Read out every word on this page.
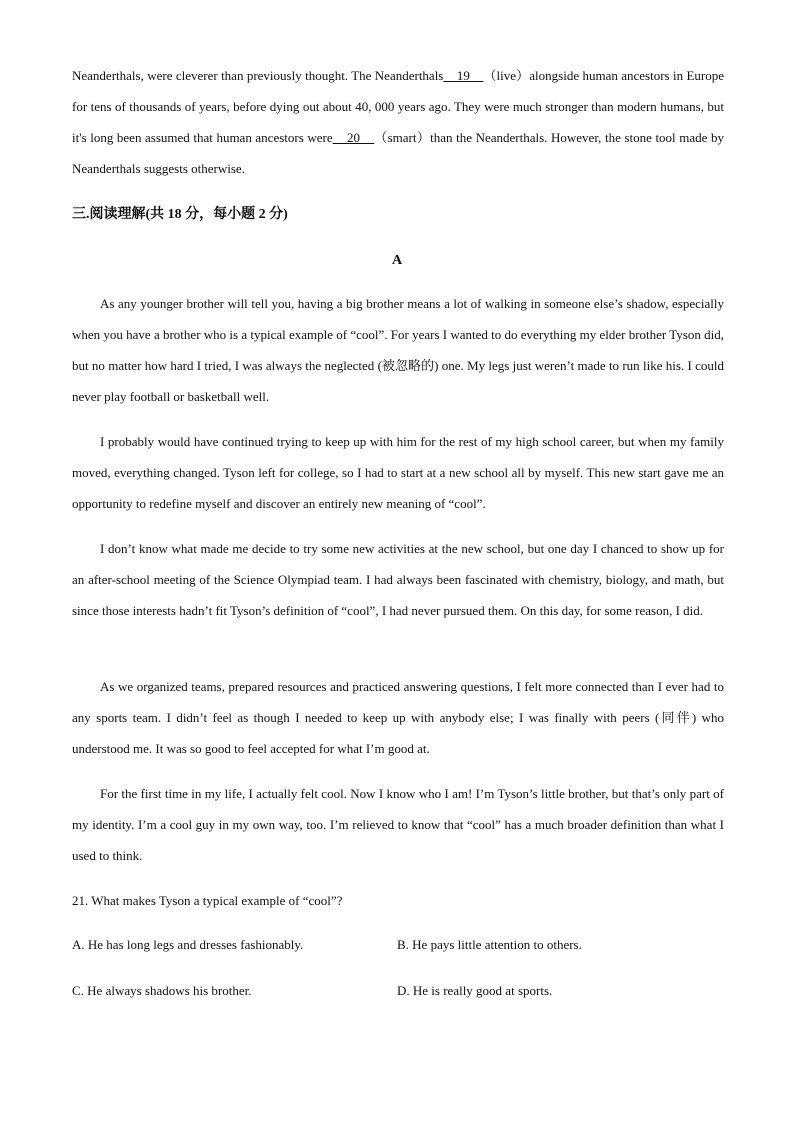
Neanderthals, were cleverer than previously thought. The Neanderthals    19    （live）alongside human ancestors in Europe for tens of thousands of years, before dying out about 40, 000 years ago. They were much stronger than modern humans, but it's long been assumed that human ancestors were    20    （smart）than the Neanderthals. However, the stone tool made by Neanderthals suggests otherwise.

三.阅读理解(共 18 分，每小题 2 分)
A

As any younger brother will tell you, having a big brother means a lot of walking in someone else’s shadow, especially when you have a brother who is a typical example of “cool”. For years I wanted to do everything my elder brother Tyson did, but no matter how hard I tried, I was always the neglected (被忽略的) one. My legs just weren’t made to run like his. I could never play football or basketball well.

I probably would have continued trying to keep up with him for the rest of my high school career, but when my family moved, everything changed. Tyson left for college, so I had to start at a new school all by myself. This new start gave me an opportunity to redefine myself and discover an entirely new meaning of “cool”.

I don’t know what made me decide to try some new activities at the new school, but one day I chanced to show up for an after-school meeting of the Science Olympiad team. I had always been fascinated with chemistry, biology, and math, but since those interests hadn’t fit Tyson’s definition of “cool”, I had never pursued them. On this day, for some reason, I did.

As we organized teams, prepared resources and practiced answering questions, I felt more connected than I ever had to any sports team. I didn’t feel as though I needed to keep up with anybody else; I was finally with peers (同伴) who understood me. It was so good to feel accepted for what I’m good at.

For the first time in my life, I actually felt cool. Now I know who I am! I’m Tyson’s little brother, but that’s only part of my identity. I’m a cool guy in my own way, too. I’m relieved to know that “cool” has a much broader definition than what I used to think.

21. What makes Tyson a typical example of “cool”?
A. He has long legs and dresses fashionably.	B. He pays little attention to others.
C. He always shadows his brother.	D. He is really good at sports.
